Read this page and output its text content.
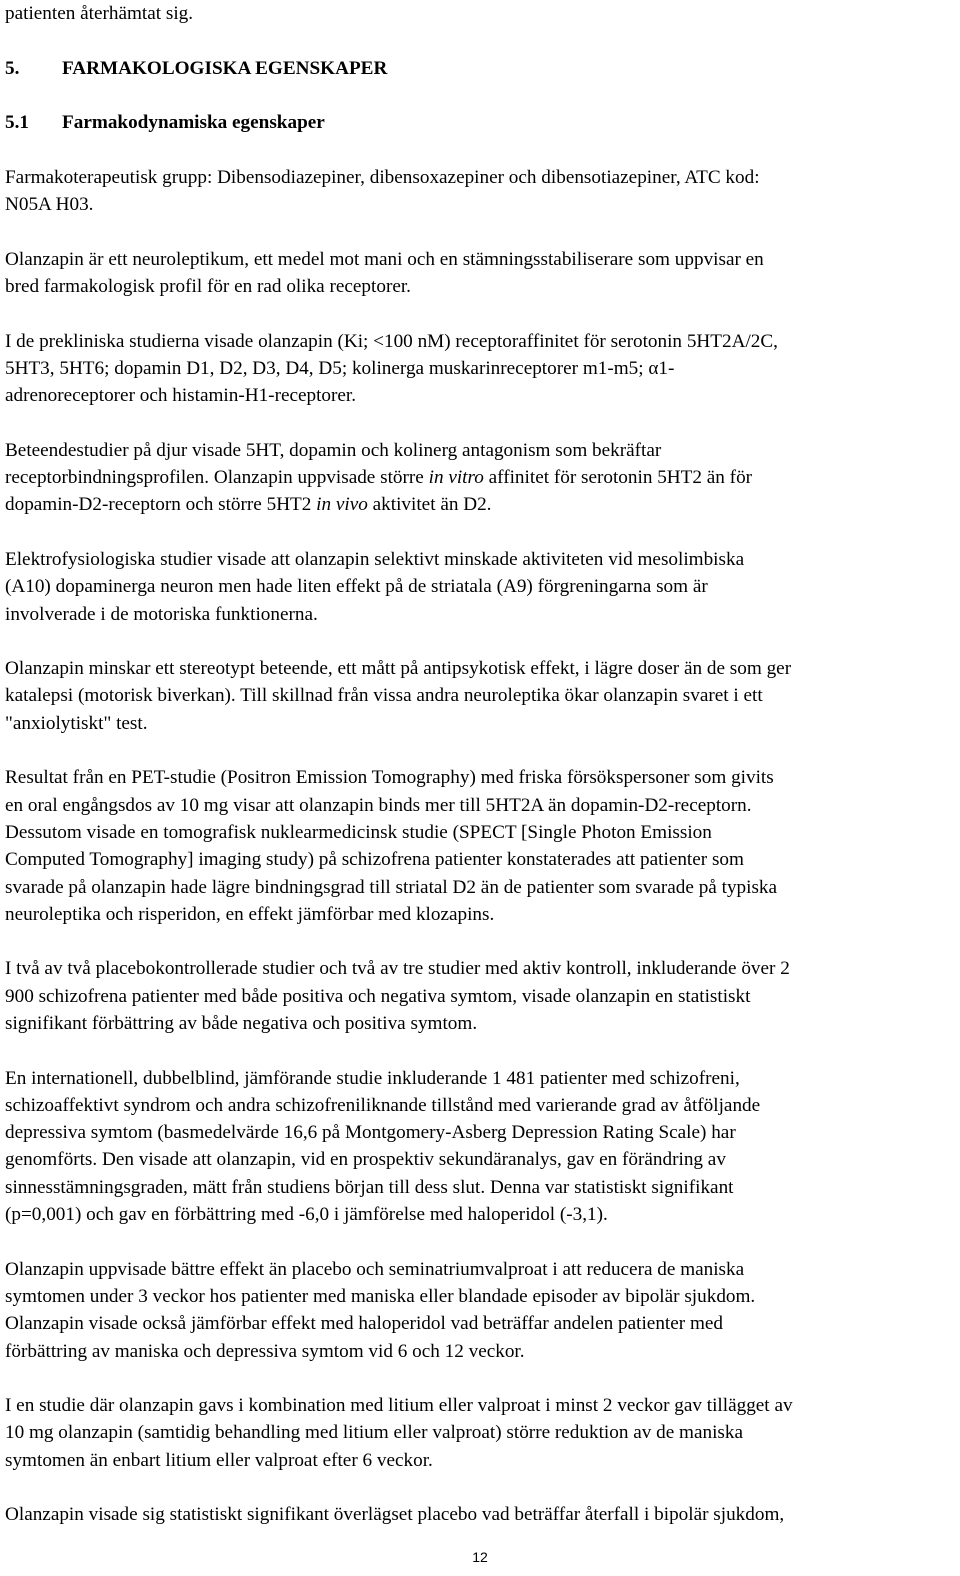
patienten återhämtat sig.
5. FARMAKOLOGISKA EGENSKAPER
5.1 Farmakodynamiska egenskaper
Farmakoterapeutisk grupp: Dibensodiazepiner, dibensoxazepiner och dibensotiazepiner, ATC kod:
N05A H03.
Olanzapin är ett neuroleptikum, ett medel mot mani och en stämningsstabiliserare som uppvisar en
bred farmakologisk profil för en rad olika receptorer.
I de prekliniska studierna visade olanzapin (Ki; <100 nM) receptoraffinitet för serotonin 5HT2A/2C,
5HT3, 5HT6; dopamin D1, D2, D3, D4, D5; kolinerga muskarinreceptorer m1-m5; α1-
adrenoreceptorer och histamin-H1-receptorer.
Beteendestudier på djur visade 5HT, dopamin och kolinerg antagonism som bekräftar
receptorbindningsprofilen. Olanzapin uppvisade större in vitro affinitet för serotonin 5HT2 än för
dopamin-D2-receptorn och större 5HT2 in vivo aktivitet än D2.
Elektrofysiologiska studier visade att olanzapin selektivt minskade aktiviteten vid mesolimbiska
(A10) dopaminerga neuron men hade liten effekt på de striatala (A9) förgreningarna som är
involverade i de motoriska funktionerna.
Olanzapin minskar ett stereotypt beteende, ett mått på antipsykotisk effekt, i lägre doser än de som ger
katalepsi (motorisk biverkan). Till skillnad från vissa andra neuroleptika ökar olanzapin svaret i ett
"anxiolytiskt" test.
Resultat från en PET-studie (Positron Emission Tomography) med friska försökspersoner som givits
en oral engångsdos av 10 mg visar att olanzapin binds mer till 5HT2A än dopamin-D2-receptorn.
Dessutom visade en tomografisk nuklearmedicinsk studie (SPECT [Single Photon Emission
Computed Tomography] imaging study) på schizofrena patienter konstaterades att patienter som
svarade på olanzapin hade lägre bindningsgrad till striatal D2 än de patienter som svarade på typiska
neuroleptika och risperidon, en effekt jämförbar med klozapins.
I två av två placebokontrollerade studier och två av tre studier med aktiv kontroll, inkluderande över 2
900 schizofrena patienter med både positiva och negativa symtom, visade olanzapin en statistiskt
signifikant förbättring av både negativa och positiva symtom.
En internationell, dubbelblind, jämförande studie inkluderande 1 481 patienter med schizofreni,
schizoaffektivt syndrom och andra schizofreniliknande tillstånd med varierande grad av åtföljande
depressiva symtom (basmedelvärde 16,6 på Montgomery-Asberg Depression Rating Scale) har
genomförts. Den visade att olanzapin, vid en prospektiv sekundäranalys, gav en förändring av
sinnesstämningsgraden, mätt från studiens början till dess slut. Denna var statistiskt signifikant
(p=0,001) och gav en förbättring med -6,0 i jämförelse med haloperidol (-3,1).
Olanzapin uppvisade bättre effekt än placebo och seminatriumvalproat i att reducera de maniska
symtomen under 3 veckor hos patienter med maniska eller blandade episoder av bipolär sjukdom.
Olanzapin visade också jämförbar effekt med haloperidol vad beträffar andelen patienter med
förbättring av maniska och depressiva symtom vid 6 och 12 veckor.
I en studie där olanzapin gavs i kombination med litium eller valproat i minst 2 veckor gav tillägget av
10 mg olanzapin (samtidig behandling med litium eller valproat) större reduktion av de maniska
symtomen än enbart litium eller valproat efter 6 veckor.
Olanzapin visade sig statistiskt signifikant överlägset placebo vad beträffar återfall i bipolär sjukdom,
12
